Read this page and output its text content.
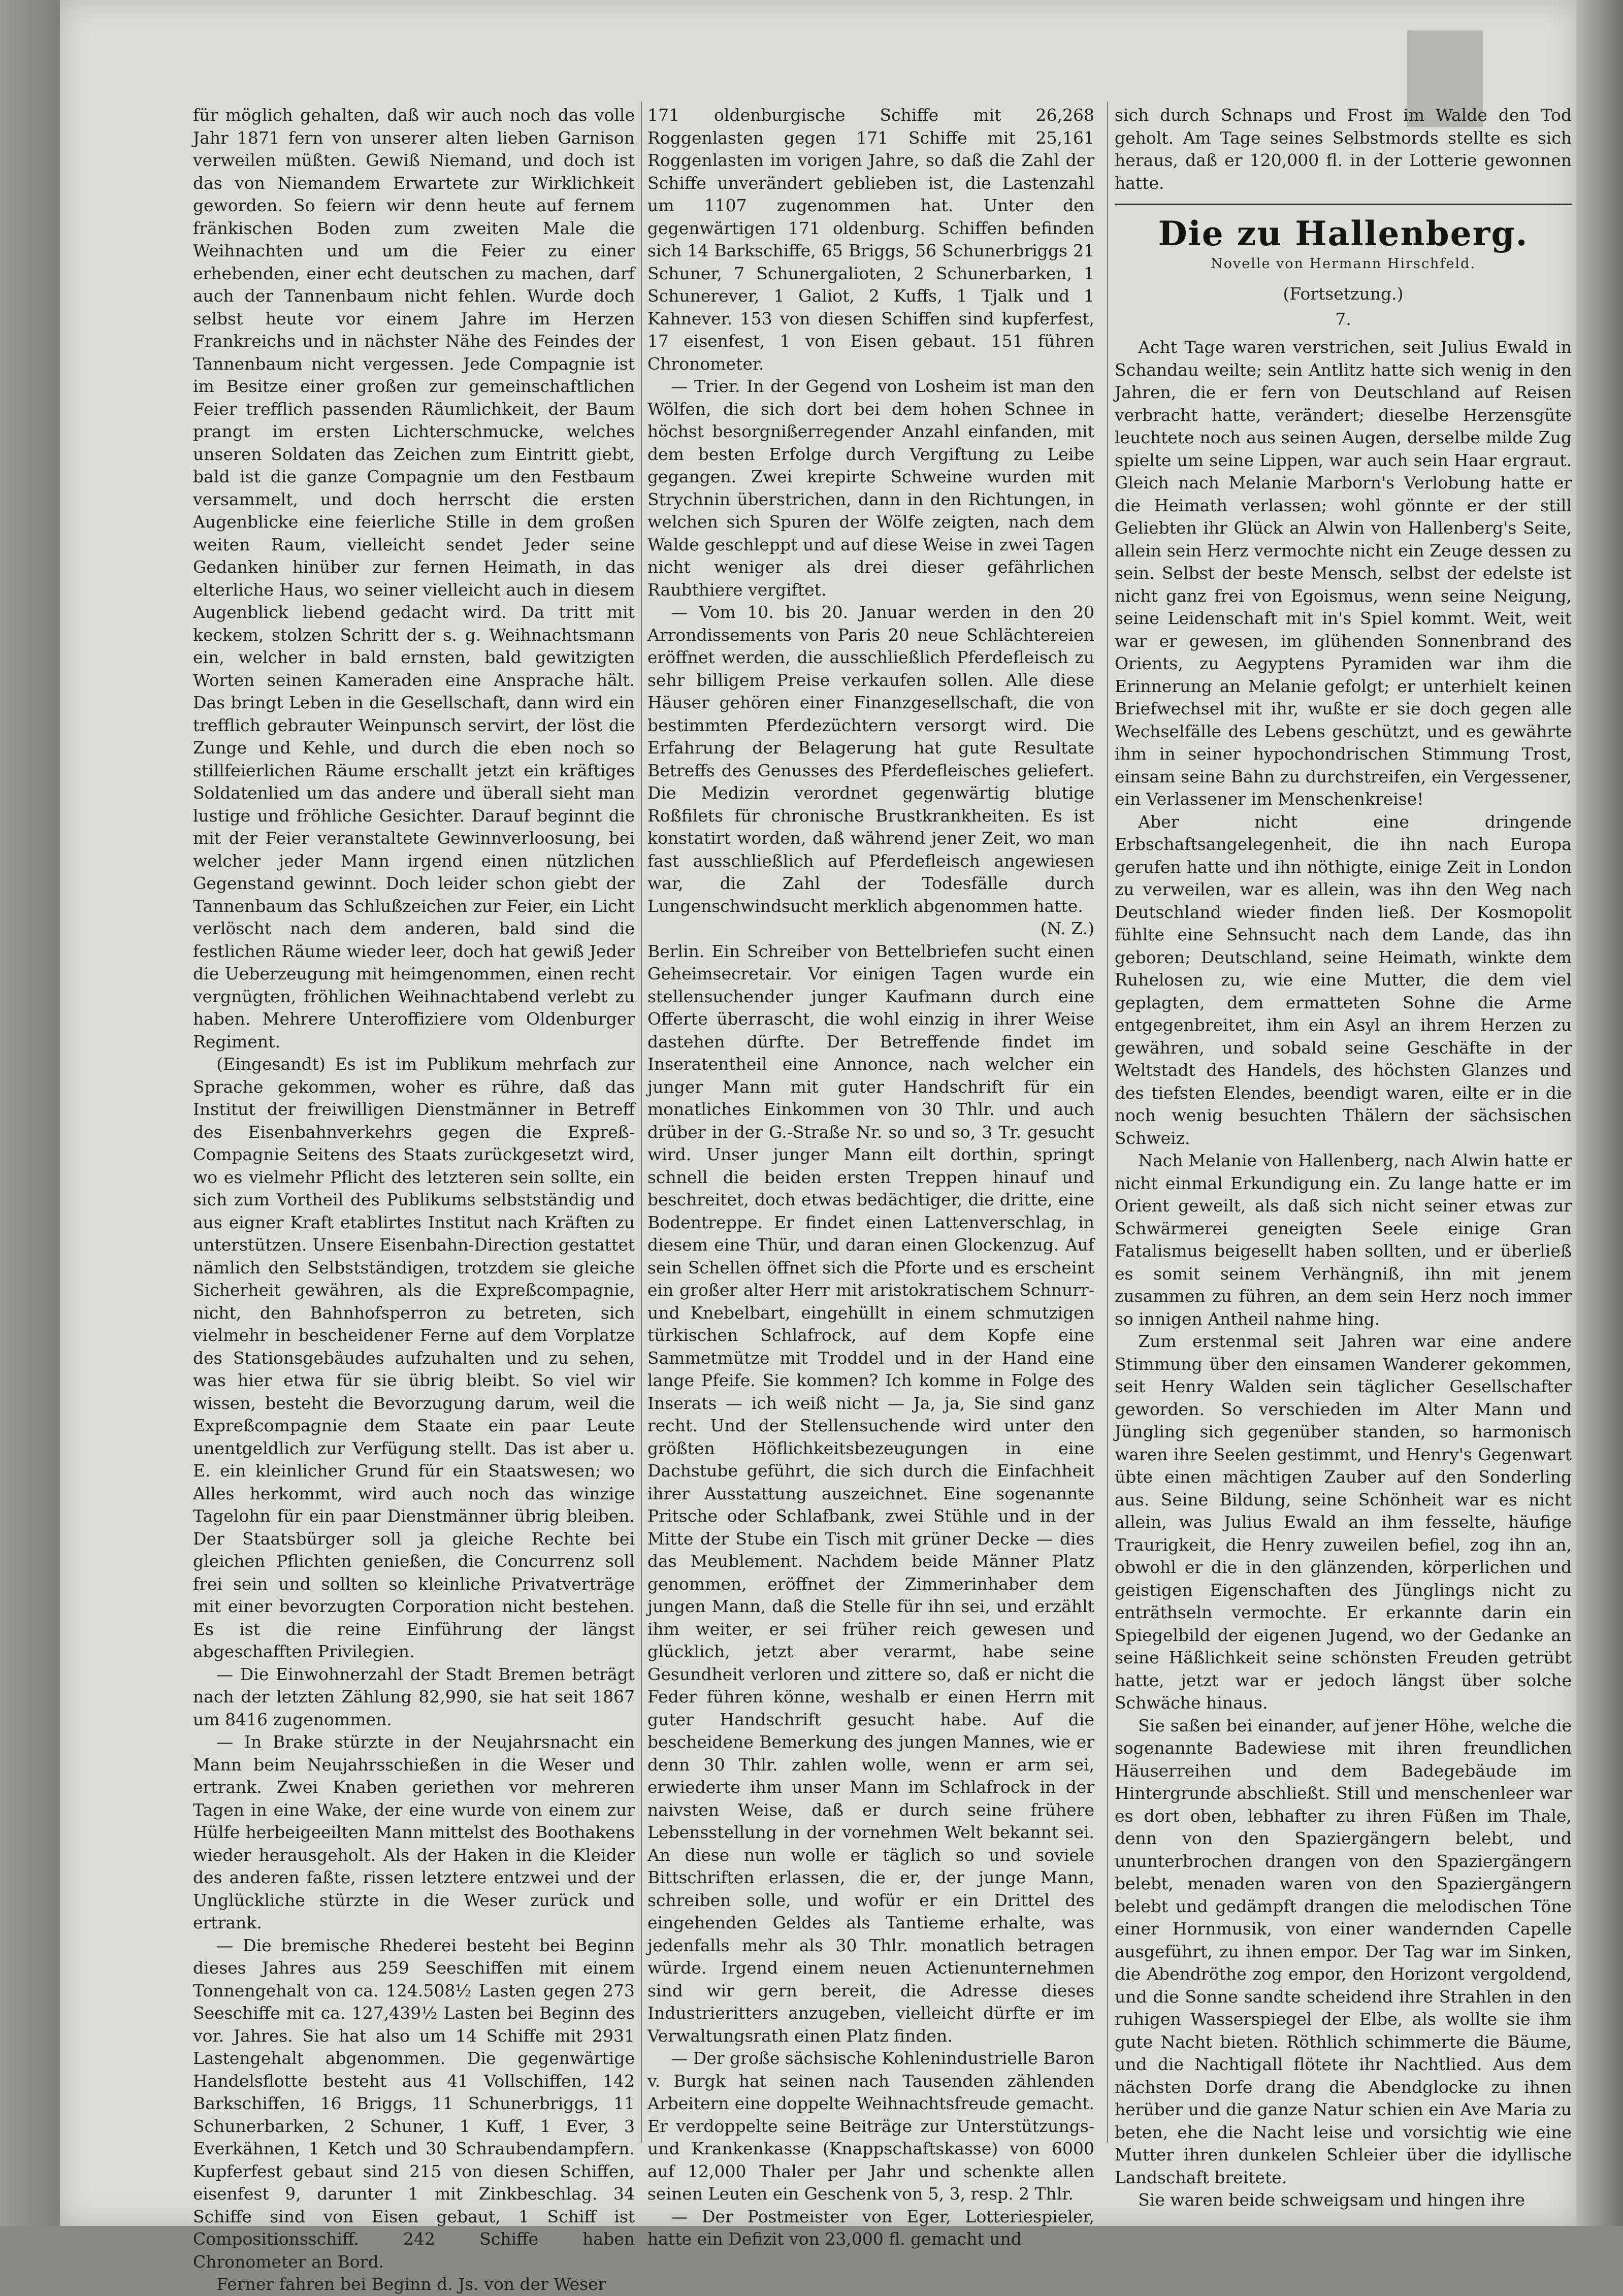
für möglich gehalten, daß wir auch noch das volle Jahr 1871 fern von unserer alten lieben Garnison verweilen müßten. Gewiß Niemand, und doch ist das von Niemandem Erwartete zur Wirklichkeit geworden. So feiern wir denn heute auf fernem fränkischen Boden zum zweiten Male die Weihnachten und um die Feier zu einer erhebenden, einer echt deutschen zu machen, darf auch der Tannenbaum nicht fehlen. Wurde doch selbst heute vor einem Jahre im Herzen Frankreichs und in nächster Nähe des Feindes der Tannenbaum nicht vergessen. Jede Compagnie ist im Besitze einer großen zur gemeinschaftlichen Feier trefflich passenden Räumlichkeit, der Baum prangt im ersten Lichterschmucke, welches unseren Soldaten das Zeichen zum Eintritt giebt, bald ist die ganze Compagnie um den Festbaum versammelt, und doch herrscht die ersten Augenblicke eine feierliche Stille in dem großen weiten Raum, vielleicht sendet Jeder seine Gedanken hinüber zur fernen Heimath, in das elterliche Haus, wo seiner vielleicht auch in diesem Augenblick liebend gedacht wird. Da tritt mit keckem, stolzen Schritt der s. g. Weihnachtsmann ein, welcher in bald ernsten, bald gewitzigten Worten seinen Kameraden eine Ansprache hält. Das bringt Leben in die Gesellschaft, dann wird ein trefflich gebrauter Weinpunsch servirt, der löst die Zunge und Kehle, und durch die eben noch so stillfeierlichen Räume erschallt jetzt ein kräftiges Soldatenlied um das andere und überall sieht man lustige und fröhliche Gesichter. Darauf beginnt die mit der Feier veranstaltete Gewinnverloosung, bei welcher jeder Mann irgend einen nützlichen Gegenstand gewinnt. Doch leider schon giebt der Tannenbaum das Schlußzeichen zur Feier, ein Licht verlöscht nach dem anderen, bald sind die festlichen Räume wieder leer, doch hat gewiß Jeder die Ueberzeugung mit heimgenommen, einen recht vergnügten, fröhlichen Weihnachtabend verlebt zu haben. Mehrere Unteroffiziere vom Oldenburger Regiment.

(Eingesandt) Es ist im Publikum mehrfach zur Sprache gekommen, woher es rühre, daß das Institut der freiwilligen Dienstmänner in Betreff des Eisenbahnverkehrs gegen die Expreß-Compagnie Seitens des Staats zurückgesetzt wird, wo es vielmehr Pflicht des letzteren sein sollte, ein sich zum Vortheil des Publikums selbstständig und aus eigner Kraft etablirtes Institut nach Kräften zu unterstützen. Unsere Eisenbahn-Direction gestattet nämlich den Selbstständigen, trotzdem sie gleiche Sicherheit gewähren, als die Expreßcompagnie, nicht, den Bahnhofsperron zu betreten, sich vielmehr in bescheidener Ferne auf dem Vorplatze des Stationsgebäudes aufzuhalten und zu sehen, was hier etwa für sie übrig bleibt. So viel wir wissen, besteht die Bevorzugung darum, weil die Expreßcompagnie dem Staate ein paar Leute unentgeldlich zur Verfügung stellt. Das ist aber u. E. ein kleinlicher Grund für ein Staatswesen; wo Alles herkommt, wird auch noch das winzige Tagelohn für ein paar Dienstmänner übrig bleiben. Der Staatsbürger soll ja gleiche Rechte bei gleichen Pflichten genießen, die Concurrenz soll frei sein und sollten so kleinliche Privatverträge mit einer bevorzugten Corporation nicht bestehen. Es ist die reine Einführung der längst abgeschafften Privilegien.

— Die Einwohnerzahl der Stadt Bremen beträgt nach der letzten Zählung 82,990, sie hat seit 1867 um 8416 zugenommen.

— In Brake stürzte in der Neujahrsnacht ein Mann beim Neujahrsschießen in die Weser und ertrank. Zwei Knaben geriethen vor mehreren Tagen in eine Wake, der eine wurde von einem zur Hülfe herbeigeeilten Mann mittelst des Boothakens wieder herausgeholt. Als der Haken in die Kleider des anderen faßte, rissen letztere entzwei und der Unglückliche stürzte in die Weser zurück und ertrank.

— Die bremische Rhederei besteht bei Beginn dieses Jahres aus 259 Seeschiffen mit einem Tonnengehalt von ca. 124.508½ Lasten gegen 273 Seeschiffe mit ca. 127,439½ Lasten bei Beginn des vor. Jahres. Sie hat also um 14 Schiffe mit 2931 Lastengehalt abgenommen. Die gegenwärtige Handelsflotte besteht aus 41 Vollschiffen, 142 Barkschiffen, 16 Briggs, 11 Schunerbriggs, 11 Schunerbarken, 2 Schuner, 1 Kuff, 1 Ever, 3 Everkähnen, 1 Ketch und 30 Schraubendampfern. Kupferfest gebaut sind 215 von diesen Schiffen, eisenfest 9, darunter 1 mit Zinkbeschlag. 34 Schiffe sind von Eisen gebaut, 1 Schiff ist Compositionsschiff. 242 Schiffe haben Chronometer an Bord.

Ferner fahren bei Beginn d. Js. von der Weser

171 oldenburgische Schiffe mit 26,268 Roggenlasten gegen 171 Schiffe mit 25,161 Roggenlasten im vorigen Jahre, so daß die Zahl der Schiffe unverändert geblieben ist, die Lastenzahl um 1107 zugenommen hat. Unter den gegenwärtigen 171 oldenburg. Schiffen befinden sich 14 Barkschiffe, 65 Briggs, 56 Schunerbriggs 21 Schuner, 7 Schunergalioten, 2 Schunerbarken, 1 Schunerever, 1 Galiot, 2 Kuffs, 1 Tjalk und 1 Kahnever. 153 von diesen Schiffen sind kupferfest, 17 eisenfest, 1 von Eisen gebaut. 151 führen Chronometer.

— Trier. In der Gegend von Losheim ist man den Wölfen, die sich dort bei dem hohen Schnee in höchst besorgnißerregender Anzahl einfanden, mit dem besten Erfolge durch Vergiftung zu Leibe gegangen. Zwei krepirte Schweine wurden mit Strychnin überstrichen, dann in den Richtungen, in welchen sich Spuren der Wölfe zeigten, nach dem Walde geschleppt und auf diese Weise in zwei Tagen nicht weniger als drei dieser gefährlichen Raubthiere vergiftet.

— Vom 10. bis 20. Januar werden in den 20 Arrondissements von Paris 20 neue Schlächtereien eröffnet werden, die ausschließlich Pferdefleisch zu sehr billigem Preise verkaufen sollen. Alle diese Häuser gehören einer Finanzgesellschaft, die von bestimmten Pferdezüchtern versorgt wird. Die Erfahrung der Belagerung hat gute Resultate Betreffs des Genusses des Pferdefleisches geliefert. Die Medizin verordnet gegenwärtig blutige Roßfilets für chronische Brustkrankheiten. Es ist konstatirt worden, daß während jener Zeit, wo man fast ausschließlich auf Pferdefleisch angewiesen war, die Zahl der Todesfälle durch Lungenschwindsucht merklich abgenommen hatte.

(N. Z.)

Berlin. Ein Schreiber von Bettelbriefen sucht einen Geheimsecretair. Vor einigen Tagen wurde ein stellensuchender junger Kaufmann durch eine Offerte überrascht, die wohl einzig in ihrer Weise dastehen dürfte. Der Betreffende findet im Inseratentheil eine Annonce, nach welcher ein junger Mann mit guter Handschrift für ein monatliches Einkommen von 30 Thlr. und auch drüber in der G.-Straße Nr. so und so, 3 Tr. gesucht wird. Unser junger Mann eilt dorthin, springt schnell die beiden ersten Treppen hinauf und beschreitet, doch etwas bedächtiger, die dritte, eine Bodentreppe. Er findet einen Lattenverschlag, in diesem eine Thür, und daran einen Glockenzug. Auf sein Schellen öffnet sich die Pforte und es erscheint ein großer alter Herr mit aristokratischem Schnurr- und Knebelbart, eingehüllt in einem schmutzigen türkischen Schlafrock, auf dem Kopfe eine Sammetmütze mit Troddel und in der Hand eine lange Pfeife. Sie kommen? Ich komme in Folge des Inserats — ich weiß nicht — Ja, ja, Sie sind ganz recht. Und der Stellensuchende wird unter den größten Höflichkeitsbezeugungen in eine Dachstube geführt, die sich durch die Einfachheit ihrer Ausstattung auszeichnet. Eine sogenannte Pritsche oder Schlafbank, zwei Stühle und in der Mitte der Stube ein Tisch mit grüner Decke — dies das Meublement. Nachdem beide Männer Platz genommen, eröffnet der Zimmerinhaber dem jungen Mann, daß die Stelle für ihn sei, und erzählt ihm weiter, er sei früher reich gewesen und glücklich, jetzt aber verarmt, habe seine Gesundheit verloren und zittere so, daß er nicht die Feder führen könne, weshalb er einen Herrn mit guter Handschrift gesucht habe. Auf die bescheidene Bemerkung des jungen Mannes, wie er denn 30 Thlr. zahlen wolle, wenn er arm sei, erwiederte ihm unser Mann im Schlafrock in der naivsten Weise, daß er durch seine frühere Lebensstellung in der vornehmen Welt bekannt sei. An diese nun wolle er täglich so und soviele Bittschriften erlassen, die er, der junge Mann, schreiben solle, und wofür er ein Drittel des eingehenden Geldes als Tantieme erhalte, was jedenfalls mehr als 30 Thlr. monatlich betragen würde. Irgend einem neuen Actienunternehmen sind wir gern bereit, die Adresse dieses Industrieritters anzugeben, vielleicht dürfte er im Verwaltungsrath einen Platz finden.

— Der große sächsische Kohlenindustrielle Baron v. Burgk hat seinen nach Tausenden zählenden Arbeitern eine doppelte Weihnachtsfreude gemacht. Er verdoppelte seine Beiträge zur Unterstützungs- und Krankenkasse (Knappschaftskasse) von 6000 auf 12,000 Thaler per Jahr und schenkte allen seinen Leuten ein Geschenk von 5, 3, resp. 2 Thlr.

— Der Postmeister von Eger, Lotteriespieler, hatte ein Defizit von 23,000 fl. gemacht und

sich durch Schnaps und Frost im Walde den Tod geholt. Am Tage seines Selbstmords stellte es sich heraus, daß er 120,000 fl. in der Lotterie gewonnen hatte.

Die zu Hallenberg.
Novelle von Hermann Hirschfeld.
(Fortsetzung.)
7.

Acht Tage waren verstrichen, seit Julius Ewald in Schandau weilte; sein Antlitz hatte sich wenig in den Jahren, die er fern von Deutschland auf Reisen verbracht hatte, verändert; dieselbe Herzensgüte leuchtete noch aus seinen Augen, derselbe milde Zug spielte um seine Lippen, war auch sein Haar ergraut. Gleich nach Melanie Marborn's Verlobung hatte er die Heimath verlassen; wohl gönnte er der still Geliebten ihr Glück an Alwin von Hallenberg's Seite, allein sein Herz vermochte nicht ein Zeuge dessen zu sein. Selbst der beste Mensch, selbst der edelste ist nicht ganz frei von Egoismus, wenn seine Neigung, seine Leidenschaft mit in's Spiel kommt. Weit, weit war er gewesen, im glühenden Sonnenbrand des Orients, zu Aegyptens Pyramiden war ihm die Erinnerung an Melanie gefolgt; er unterhielt keinen Briefwechsel mit ihr, wußte er sie doch gegen alle Wechselfälle des Lebens geschützt, und es gewährte ihm in seiner hypochondrischen Stimmung Trost, einsam seine Bahn zu durchstreifen, ein Vergessener, ein Verlassener im Menschenkreise!

Aber nicht eine dringende Erbschaftsangelegenheit, die ihn nach Europa gerufen hatte und ihn nöthigte, einige Zeit in London zu verweilen, war es allein, was ihn den Weg nach Deutschland wieder finden ließ. Der Kosmopolit fühlte eine Sehnsucht nach dem Lande, das ihn geboren; Deutschland, seine Heimath, winkte dem Ruhelosen zu, wie eine Mutter, die dem viel geplagten, dem ermatteten Sohne die Arme entgegenbreitet, ihm ein Asyl an ihrem Herzen zu gewähren, und sobald seine Geschäfte in der Weltstadt des Handels, des höchsten Glanzes und des tiefsten Elendes, beendigt waren, eilte er in die noch wenig besuchten Thälern der sächsischen Schweiz.

Nach Melanie von Hallenberg, nach Alwin hatte er nicht einmal Erkundigung ein. Zu lange hatte er im Orient geweilt, als daß sich nicht seiner etwas zur Schwärmerei geneigten Seele einige Gran Fatalismus beigesellt haben sollten, und er überließ es somit seinem Verhängniß, ihn mit jenem zusammen zu führen, an dem sein Herz noch immer so innigen Antheil nahme hing.

Zum erstenmal seit Jahren war eine andere Stimmung über den einsamen Wanderer gekommen, seit Henry Walden sein täglicher Gesellschafter geworden. So verschieden im Alter Mann und Jüngling sich gegenüber standen, so harmonisch waren ihre Seelen gestimmt, und Henry's Gegenwart übte einen mächtigen Zauber auf den Sonderling aus. Seine Bildung, seine Schönheit war es nicht allein, was Julius Ewald an ihm fesselte, häufige Traurigkeit, die Henry zuweilen befiel, zog ihn an, obwohl er die in den glänzenden, körperlichen und geistigen Eigenschaften des Jünglings nicht zu enträthseln vermochte. Er erkannte darin ein Spiegelbild der eigenen Jugend, wo der Gedanke an seine Häßlichkeit seine schönsten Freuden getrübt hatte, jetzt war er jedoch längst über solche Schwäche hinaus.

Sie saßen bei einander, auf jener Höhe, welche die sogenannte Badewiese mit ihren freundlichen Häuserreihen und dem Badegebäude im Hintergrunde abschließt. Still und menschenleer war es dort oben, lebhafter zu ihren Füßen im Thale, denn von den Spaziergängern belebt, und ununterbrochen drangen von den Spaziergängern belebt, menaden waren von den Spaziergängern belebt und gedämpft drangen die melodischen Töne einer Hornmusik, von einer wandernden Capelle ausgeführt, zu ihnen empor. Der Tag war im Sinken, die Abendröthe zog empor, den Horizont vergoldend, und die Sonne sandte scheidend ihre Strahlen in den ruhigen Wasserspiegel der Elbe, als wollte sie ihm gute Nacht bieten. Röthlich schimmerte die Bäume, und die Nachtigall flötete ihr Nachtlied. Aus dem nächsten Dorfe drang die Abendglocke zu ihnen herüber und die ganze Natur schien ein Ave Maria zu beten, ehe die Nacht leise und vorsichtig wie eine Mutter ihren dunkelen Schleier über die idyllische Landschaft breitete.

Sie waren beide schweigsam und hingen ihre
